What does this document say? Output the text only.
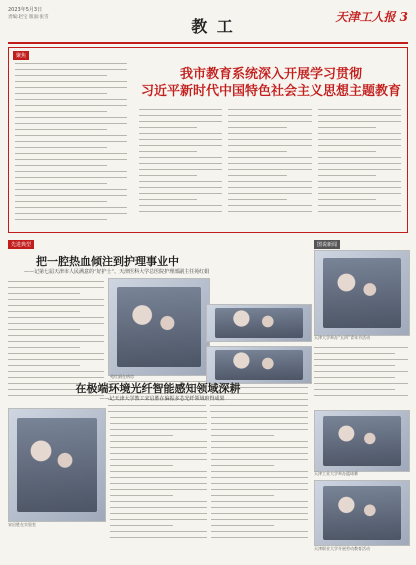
2023年5月3日
责编:赵宝 版面:张雪	教 工	天津工人报 3
聚焦
我市教育系统深入开展学习贯彻
习近平新时代中国特色社会主义思想主题教育
先进典型
把一腔热血倾注到护理事业中
——记第七届天津市人民满意的“好护士”、天津医科大学总医院护理部副主任苑红娟
苑红娟在病房
图说新闻
天津大学举办“五四”青年节活动
天津工业大学举办篮球赛
天津职业大学开展劳动教育活动
在极端环境光纤智能感知领域深耕
——记天津大学教工宋启胜在偏振多芯光纤领域取得成果
宋启胜在实验室
